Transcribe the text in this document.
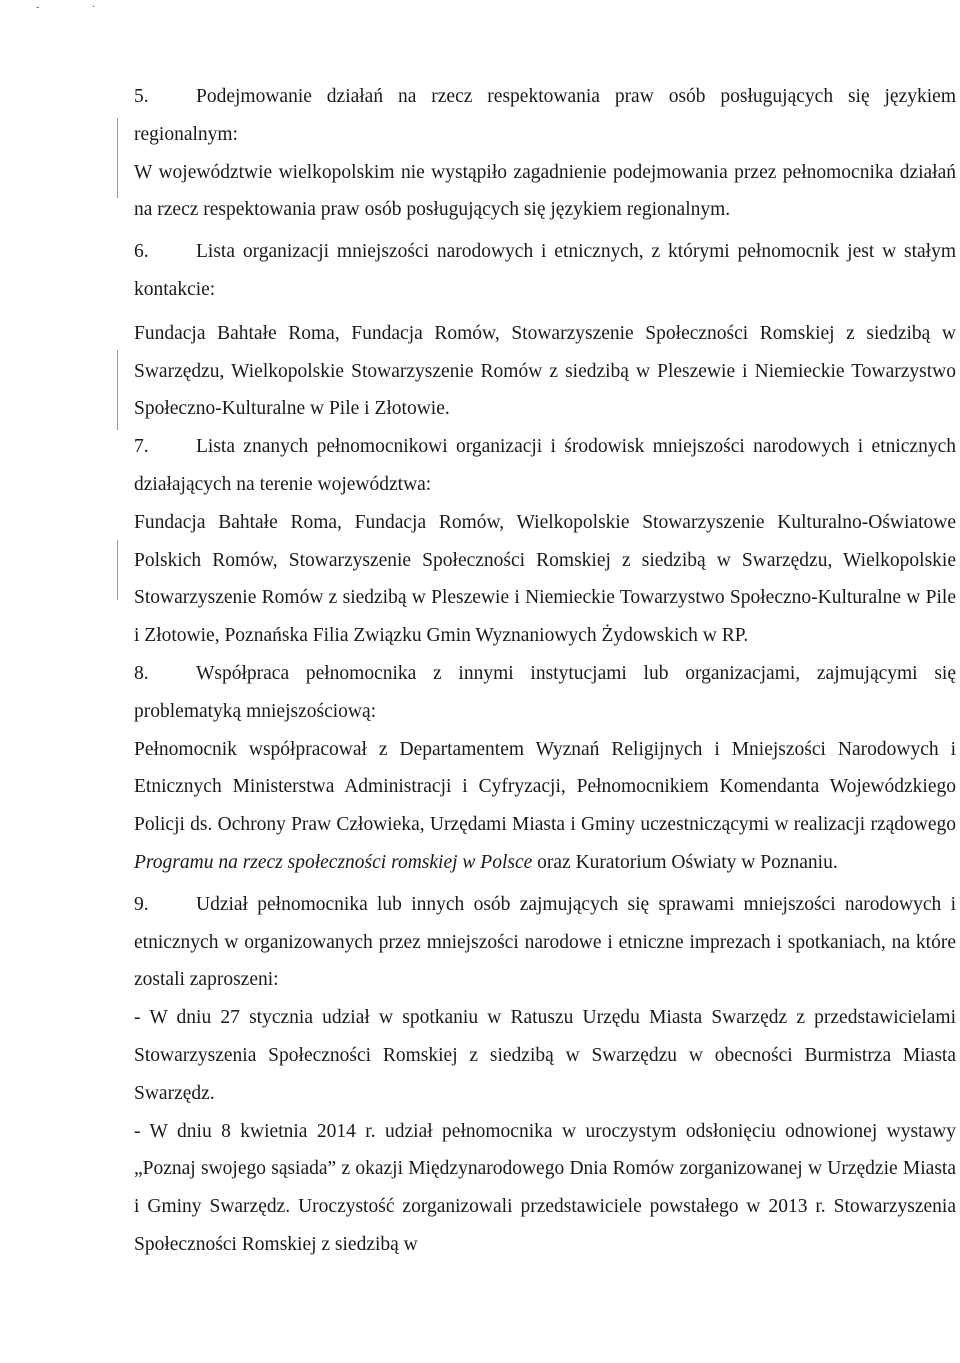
-	·

5. Podejmowanie działań na rzecz respektowania praw osób posługujących się językiem regionalnym:

W województwie wielkopolskim nie wystąpiło zagadnienie podejmowania przez pełnomocnika działań na rzecz respektowania praw osób posługujących się językiem regionalnym.

6. Lista organizacji mniejszości narodowych i etnicznych, z którymi pełnomocnik jest w stałym kontakcie:

Fundacja Bahtałe Roma, Fundacja Romów, Stowarzyszenie Społeczności Romskiej z siedzibą w Swarzędzu, Wielkopolskie Stowarzyszenie Romów z siedzibą w Pleszewie i Niemieckie Towarzystwo Społeczno-Kulturalne w Pile i Złotowie.

7. Lista znanych pełnomocnikowi organizacji i środowisk mniejszości narodowych i etnicznych działających na terenie województwa:

Fundacja Bahtałe Roma, Fundacja Romów, Wielkopolskie Stowarzyszenie Kulturalno-Oświatowe Polskich Romów, Stowarzyszenie Społeczności Romskiej z siedzibą w Swarzędzu, Wielkopolskie Stowarzyszenie Romów z siedzibą w Pleszewie i Niemieckie Towarzystwo Społeczno-Kulturalne w Pile i Złotowie, Poznańska Filia Związku Gmin Wyznaniowych Żydowskich w RP.

8. Współpraca pełnomocnika z innymi instytucjami lub organizacjami, zajmującymi się problematyką mniejszościową:

Pełnomocnik współpracował z Departamentem Wyznań Religijnych i Mniejszości Narodowych i Etnicznych Ministerstwa Administracji i Cyfryzacji, Pełnomocnikiem Komendanta Wojewódzkiego Policji ds. Ochrony Praw Człowieka, Urzędami Miasta i Gminy uczestniczącymi w realizacji rządowego Programu na rzecz społeczności romskiej w Polsce oraz Kuratorium Oświaty w Poznaniu.

9. Udział pełnomocnika lub innych osób zajmujących się sprawami mniejszości narodowych i etnicznych w organizowanych przez mniejszości narodowe i etniczne imprezach i spotkaniach, na które zostali zaproszeni:

- W dniu 27 stycznia udział w spotkaniu w Ratuszu Urzędu Miasta Swarzędz z przedstawicielami Stowarzyszenia Społeczności Romskiej z siedzibą w Swarzędzu w obecności Burmistrza Miasta Swarzędz.

- W dniu 8 kwietnia 2014 r. udział pełnomocnika w uroczystym odsłonięciu odnowionej wystawy „Poznaj swojego sąsiada” z okazji Międzynarodowego Dnia Romów zorganizowanej w Urzędzie Miasta i Gminy Swarzędz. Uroczystość zorganizowali przedstawiciele powstałego w 2013 r. Stowarzyszenia Społeczności Romskiej z siedzibą w
